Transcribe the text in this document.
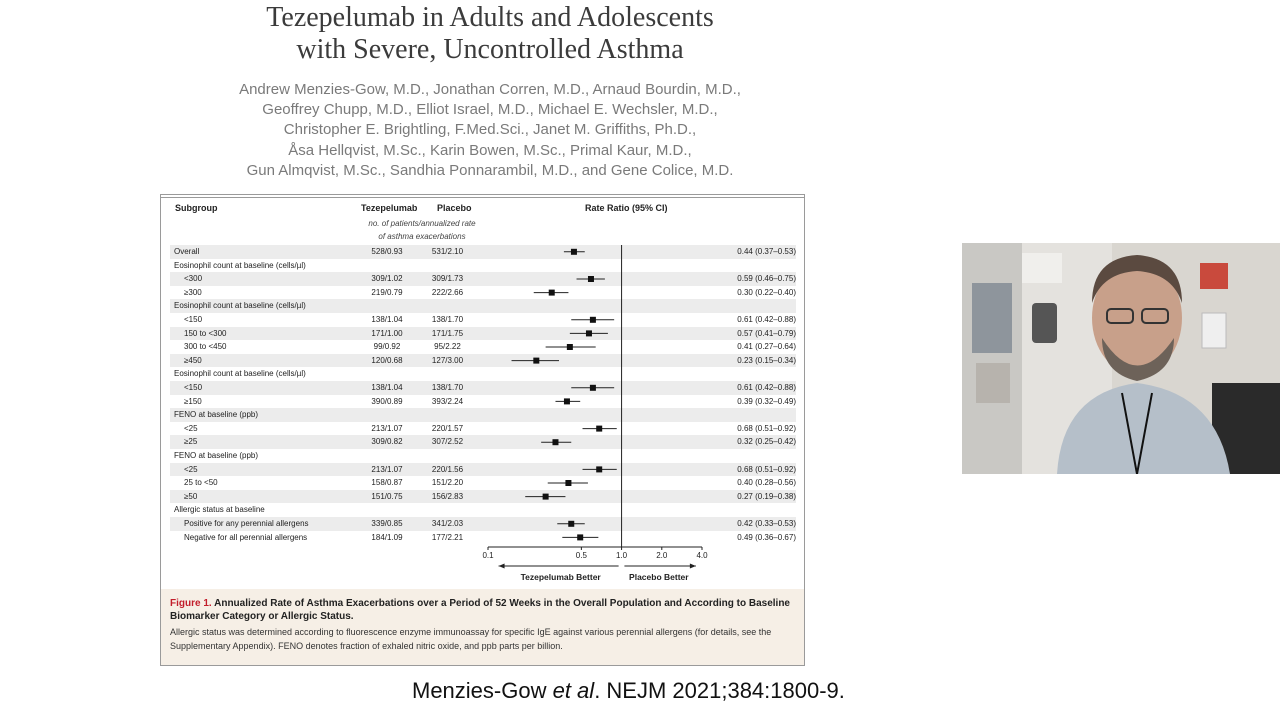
Tezepelumab in Adults and Adolescents
with Severe, Uncontrolled Asthma
Andrew Menzies-Gow, M.D., Jonathan Corren, M.D., Arnaud Bourdin, M.D.,
Geoffrey Chupp, M.D., Elliot Israel, M.D., Michael E. Wechsler, M.D.,
Christopher E. Brightling, F.Med.Sci., Janet M. Griffiths, Ph.D.,
Åsa Hellqvist, M.Sc., Karin Bowen, M.Sc., Primal Kaur, M.D.,
Gun Almqvist, M.Sc., Sandhia Ponnarambil, M.D., and Gene Colice, M.D.
Subgroup	Tezepelumab Placebo	Rate Ratio (95% CI)
no. of patients/annualized rate
of asthma exacerbations
Overall	528/0.93	531/2.10	0.44 (0.37–0.53)
Eosinophil count at baseline (cells/µl)
<300	309/1.02	309/1.73	0.59 (0.46–0.75)
≥300	219/0.79	222/2.66	0.30 (0.22–0.40)
Eosinophil count at baseline (cells/µl)
<150	138/1.04	138/1.70	0.61 (0.42–0.88)
150 to <300	171/1.00	171/1.75	0.57 (0.41–0.79)
300 to <450	99/0.92	95/2.22	0.41 (0.27–0.64)
≥450	120/0.68	127/3.00	0.23 (0.15–0.34)
Eosinophil count at baseline (cells/µl)
<150	138/1.04	138/1.70	0.61 (0.42–0.88)
≥150	390/0.89	393/2.24	0.39 (0.32–0.49)
FENO at baseline (ppb)
<25	213/1.07	220/1.57	0.68 (0.51–0.92)
≥25	309/0.82	307/2.52	0.32 (0.25–0.42)
FENO at baseline (ppb)
<25	213/1.07	220/1.56	0.68 (0.51–0.92)
25 to <50	158/0.87	151/2.20	0.40 (0.28–0.56)
≥50	151/0.75	156/2.83	0.27 (0.19–0.38)
Allergic status at baseline
Positive for any perennial allergens	339/0.85	341/2.03	0.42 (0.33–0.53)
Negative for all perennial allergens	184/1.09	177/2.21	0.49 (0.36–0.67)
0.1	0.5	1.0	2.0	4.0
Tezepelumab Better	Placebo Better
Figure 1. Annualized Rate of Asthma Exacerbations over a Period of 52 Weeks in the Overall Population and According to Baseline Biomarker Category or Allergic Status.
Allergic status was determined according to fluorescence enzyme immunoassay for specific IgE against various perennial allergens (for details, see the Supplementary Appendix). FENO denotes fraction of exhaled nitric oxide, and ppb parts per billion.
Menzies-Gow et al. NEJM 2021;384:1800-9.
